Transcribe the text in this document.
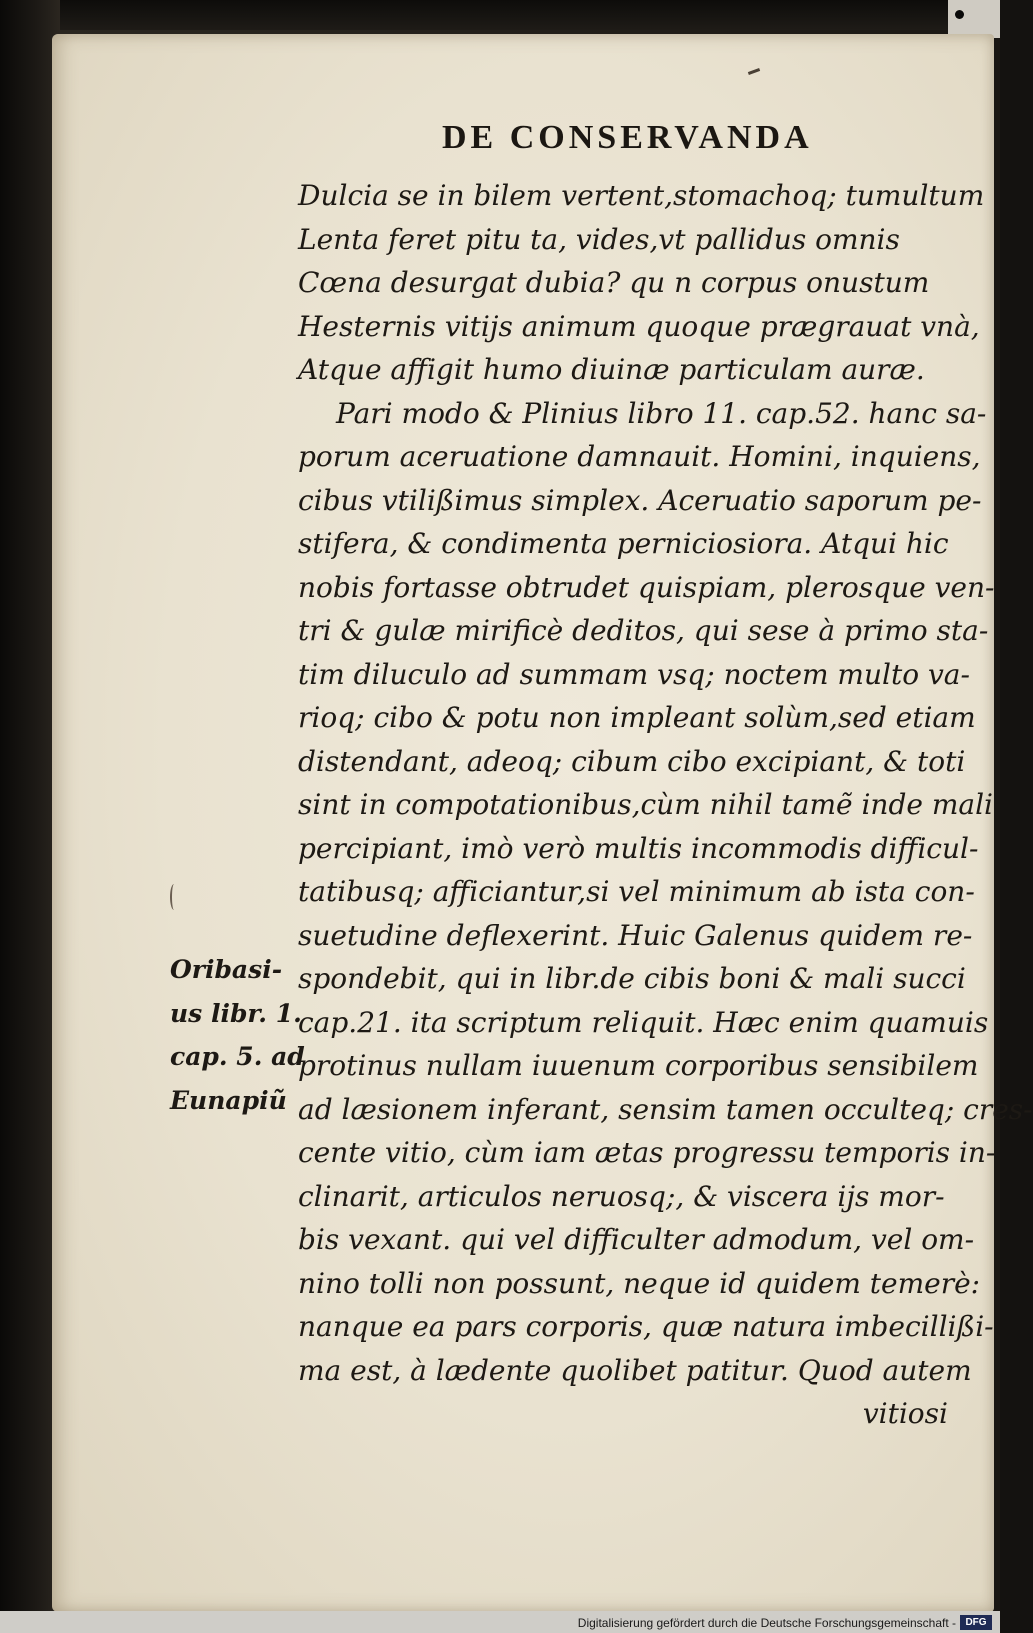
DE CONSERVANDA
Dulcia se in bilem vertent,stomachoq; tumultum
Lenta feret pitu ta, vides,vt pallidus omnis
Cœna desurgat dubia? qu n corpus onustum
Hesternis vitijs animum quoque prægrauat vnà,
Atque affigit humo diuinæ particulam auræ.
Pari modo & Plinius libro 11. cap.52. hanc sa-
porum aceruatione damnauit. Homini, inquiens,
cibus vtilißimus simplex. Aceruatio saporum pe-
stifera, & condimenta perniciosiora. Atqui hic
nobis fortasse obtrudet quispiam, plerosque ven-
tri & gulæ mirificè deditos, qui sese à primo sta-
tim diluculo ad summam vsq; noctem multo va-
rioq; cibo & potu non impleant solùm,sed etiam
distendant, adeoq; cibum cibo excipiant, & toti
sint in compotationibus,cùm nihil tamẽ inde mali
percipiant, imò verò multis incommodis difficul-
tatibusq; afficiantur,si vel minimum ab ista con-
suetudine deflexerint. Huic Galenus quidem re-
spondebit, qui in libr.de cibis boni & mali succi
cap.21. ita scriptum reliquit. Hæc enim quamuis
protinus nullam iuuenum corporibus sensibilem
ad læsionem inferant, sensim tamen occulteq; cres-
cente vitio, cùm iam ætas progressu temporis in-
clinarit, articulos neruosq;, & viscera ijs mor-
bis vexant. qui vel difficulter admodum, vel om-
nino tolli non possunt, neque id quidem temerè:
nanque ea pars corporis, quæ natura imbecillißi-
ma est, à lædente quolibet patitur. Quod autem
vitiosi
Oribasi-
us libr. 1.
cap. 5. ad
Eunapiũ
Digitalisierung gefördert durch die Deutsche Forschungsgemeinschaft - DFG
